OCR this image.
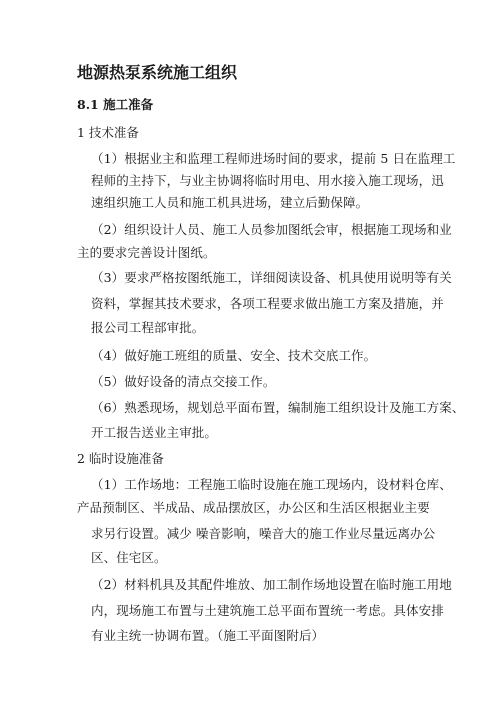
地源热泵系统施工组织
8.1 施工准备
1 技术准备
（1）根据业主和监理工程师进场时间的要求，提前 5 日在监理工
程师的主持下，与业主协调将临时用电、用水接入施工现场，迅
速组织施工人员和施工机具进场，建立后勤保障。
（2）组织设计人员、施工人员参加图纸会审，根据施工现场和业
主的要求完善设计图纸。
（3）要求严格按图纸施工，详细阅读设备、机具使用说明等有关
资料，掌握其技术要求，各项工程要求做出施工方案及措施，并
报公司工程部审批。
（4）做好施工班组的质量、安全、技术交底工作。
（5）做好设备的清点交接工作。
（6）熟悉现场，规划总平面布置，编制施工组织设计及施工方案、
开工报告送业主审批。
2 临时设施准备
（1）工作场地：工程施工临时设施在施工现场内，设材料仓库、
产品预制区、半成品、成品摆放区，办公区和生活区根据业主要
求另行设置。减少 噪音影响，噪音大的施工作业尽量远离办公
区、住宅区。
（2）材料机具及其配件堆放、加工制作场地设置在临时施工用地
内，现场施工布置与土建筑施工总平面布置统一考虑。具体安排
有业主统一协调布置。（施工平面图附后）
